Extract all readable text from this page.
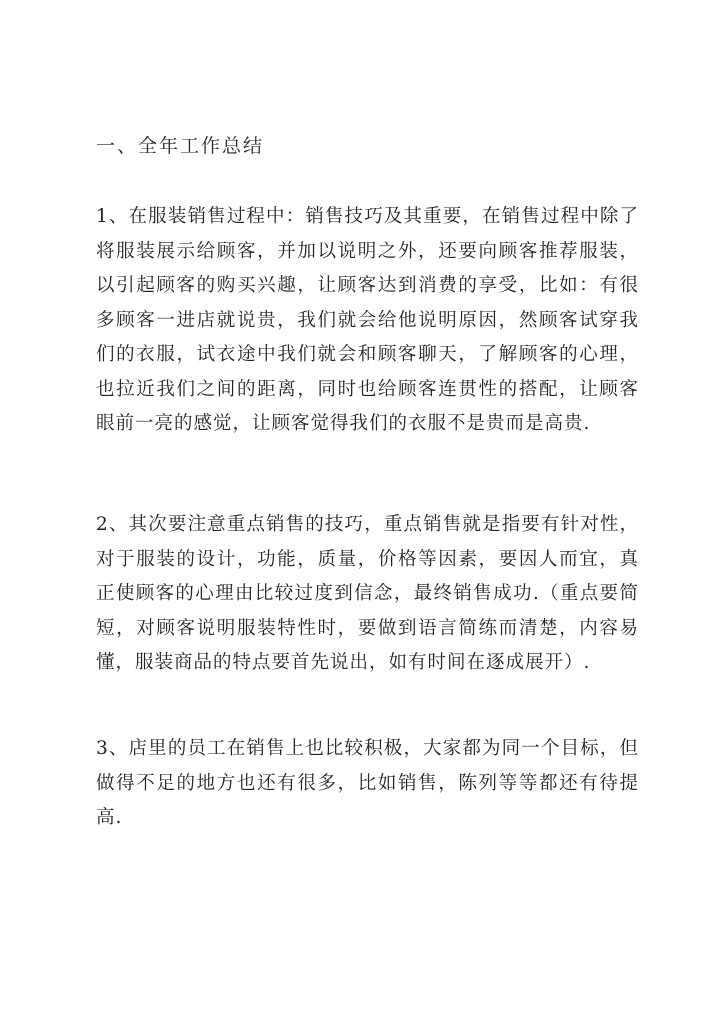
一、全年工作总结

1、在服装销售过程中：销售技巧及其重要，在销售过程中除了将服装展示给顾客，并加以说明之外，还要向顾客推荐服装，以引起顾客的购买兴趣，让顾客达到消费的享受，比如：有很多顾客一进店就说贵，我们就会给他说明原因，然顾客试穿我们的衣服，试衣途中我们就会和顾客聊天，了解顾客的心理，也拉近我们之间的距离，同时也给顾客连贯性的搭配，让顾客眼前一亮的感觉，让顾客觉得我们的衣服不是贵而是高贵.

2、其次要注意重点销售的技巧，重点销售就是指要有针对性，对于服装的设计，功能，质量，价格等因素，要因人而宜，真正使顾客的心理由比较过度到信念，最终销售成功.（重点要简短，对顾客说明服装特性时，要做到语言简练而清楚，内容易懂，服装商品的特点要首先说出，如有时间在逐成展开）.

3、店里的员工在销售上也比较积极，大家都为同一个目标，但做得不足的地方也还有很多，比如销售，陈列等等都还有待提高.
